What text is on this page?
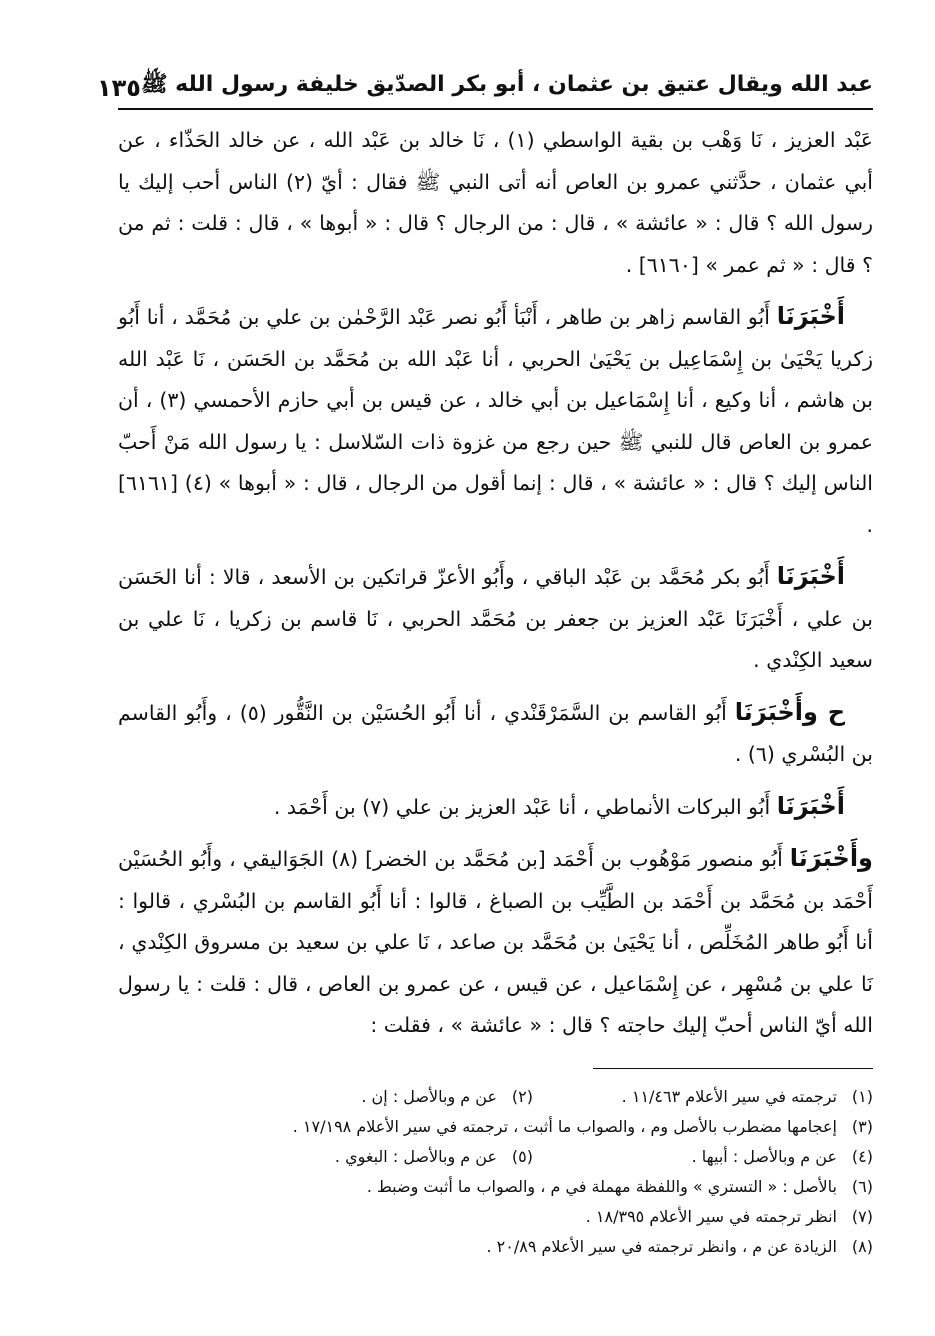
عبد الله ويقال عتيق بن عثمان ، أبو بكر الصدّيق خليفة رسول الله ﷺ
١٣٥

عَبْد العزيز ، نَا وَهْب بن بقية الواسطي (١) ، نَا خالد بن عَبْد الله ، عن خالد الحَذّاء ، عن أبي عثمان ، حدَّثني عمرو بن العاص أنه أتى النبي ﷺ فقال : أيّ (٢) الناس أحب إليك يا رسول الله ؟ قال : « عائشة » ، قال : من الرجال ؟ قال : « أبوها » ، قال : قلت : ثم من ؟ قال : « ثم عمر » [٦١٦٠] .

أَخْبَرَنَا أَبُو القاسم زاهر بن طاهر ، أَنْبَأ أَبُو نصر عَبْد الرَّحْمٰن بن علي بن مُحَمَّد ، أنا أَبُو زكريا يَحْيَىٰ بن إِسْمَاعِيل بن يَحْيَىٰ الحربي ، أنا عَبْد الله بن مُحَمَّد بن الحَسَن ، نَا عَبْد الله بن هاشم ، أنا وكيع ، أنا إِسْمَاعيل بن أبي خالد ، عن قيس بن أبي حازم الأحمسي (٣) ، أن عمرو بن العاص قال للنبي ﷺ حين رجع من غزوة ذات السّلاسل : يا رسول الله مَنْ أَحبّ الناس إليك ؟ قال : « عائشة » ، قال : إنما أقول من الرجال ، قال : « أبوها » (٤) [٦١٦١] .

أَخْبَرَنَا أَبُو بكر مُحَمَّد بن عَبْد الباقي ، وأَبُو الأعزّ قراتكين بن الأسعد ، قالا : أنا الحَسَن بن علي ، أَخْبَرَنَا عَبْد العزيز بن جعفر بن مُحَمَّد الحربي ، نَا قاسم بن زكريا ، نَا علي بن سعيد الكِنْدي .

ح وأَخْبَرَنَا أَبُو القاسم بن السَّمَرْقَنْدي ، أنا أَبُو الحُسَيْن بن النَّقُّور (٥) ، وأَبُو القاسم بن البُسْري (٦) .

أَخْبَرَنَا أَبُو البركات الأنماطي ، أنا عَبْد العزيز بن علي (٧) بن أَحْمَد .

وأَخْبَرَنَا أَبُو منصور مَوْهُوب بن أَحْمَد [بن مُحَمَّد بن الخضر] (٨) الجَوَاليقي ، وأَبُو الحُسَيْن أَحْمَد بن مُحَمَّد بن أَحْمَد بن الطَّيِّب بن الصباغ ، قالوا : أنا أَبُو القاسم بن البُسْري ، قالوا : أنا أَبُو طاهر المُخَلِّص ، أنا يَحْيَىٰ بن مُحَمَّد بن صاعد ، نَا علي بن سعيد بن مسروق الكِنْدي ، نَا علي بن مُسْهِر ، عن إِسْمَاعيل ، عن قيس ، عن عمرو بن العاص ، قال : قلت : يا رسول الله أيّ الناس أحبّ إليك حاجته ؟ قال : « عائشة » ، فقلت :

(١)
ترجمته في سير الأعلام ١١/٤٦٣ .
(٢)
عن م وبالأصل : إن .
(٣)
إعجامها مضطرب بالأصل وم ، والصواب ما أثبت ، ترجمته في سير الأعلام ١٧/١٩٨ .
(٤)
عن م وبالأصل : أبيها .
(٥)
عن م وبالأصل : البغوي .
(٦)
بالأصل : « التستري » واللفظة مهملة في م ، والصواب ما أثبت وضبط .
(٧)
انظر ترجمته في سير الأعلام ١٨/٣٩٥ .
(٨)
الزيادة عن م ، وانظر ترجمته في سير الأعلام ٢٠/٨٩ .
